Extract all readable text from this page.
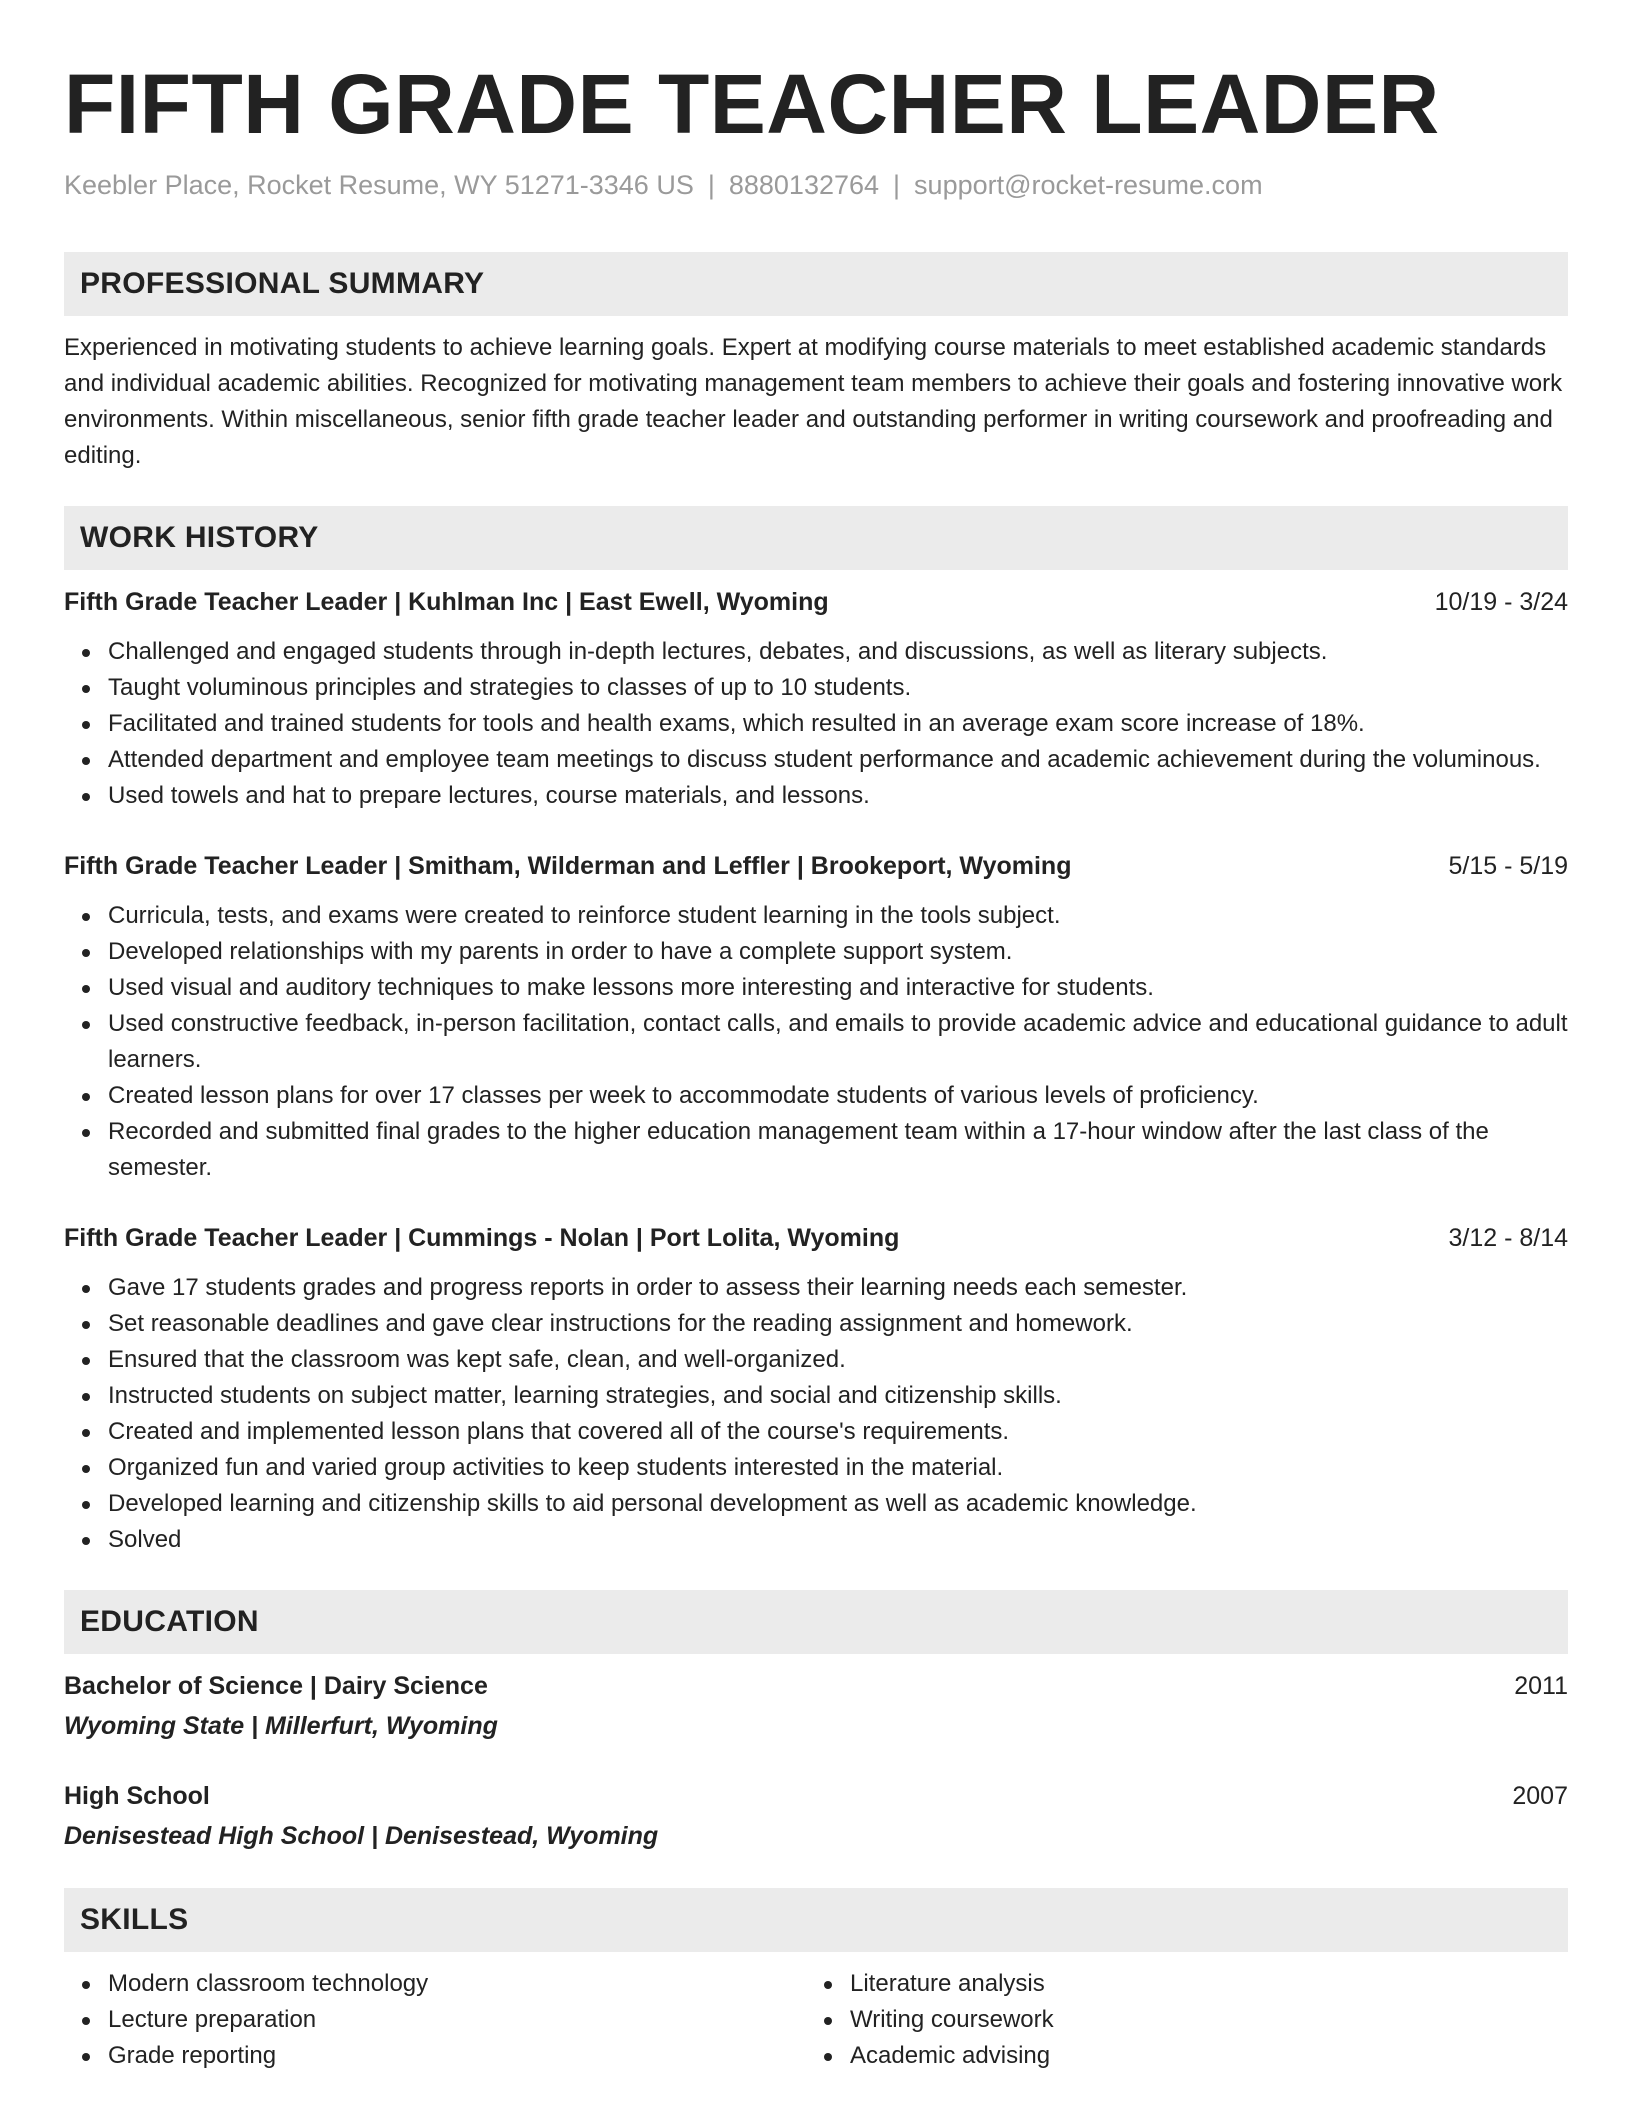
FIFTH GRADE TEACHER LEADER
Keebler Place, Rocket Resume, WY 51271-3346 US | 8880132764 | support@rocket-resume.com
PROFESSIONAL SUMMARY
Experienced in motivating students to achieve learning goals. Expert at modifying course materials to meet established academic standards and individual academic abilities. Recognized for motivating management team members to achieve their goals and fostering innovative work environments. Within miscellaneous, senior fifth grade teacher leader and outstanding performer in writing coursework and proofreading and editing.
WORK HISTORY
Fifth Grade Teacher Leader | Kuhlman Inc | East Ewell, Wyoming	10/19 - 3/24
Challenged and engaged students through in-depth lectures, debates, and discussions, as well as literary subjects.
Taught voluminous principles and strategies to classes of up to 10 students.
Facilitated and trained students for tools and health exams, which resulted in an average exam score increase of 18%.
Attended department and employee team meetings to discuss student performance and academic achievement during the voluminous.
Used towels and hat to prepare lectures, course materials, and lessons.
Fifth Grade Teacher Leader | Smitham, Wilderman and Leffler | Brookeport, Wyoming	5/15 - 5/19
Curricula, tests, and exams were created to reinforce student learning in the tools subject.
Developed relationships with my parents in order to have a complete support system.
Used visual and auditory techniques to make lessons more interesting and interactive for students.
Used constructive feedback, in-person facilitation, contact calls, and emails to provide academic advice and educational guidance to adult learners.
Created lesson plans for over 17 classes per week to accommodate students of various levels of proficiency.
Recorded and submitted final grades to the higher education management team within a 17-hour window after the last class of the semester.
Fifth Grade Teacher Leader | Cummings - Nolan | Port Lolita, Wyoming	3/12 - 8/14
Gave 17 students grades and progress reports in order to assess their learning needs each semester.
Set reasonable deadlines and gave clear instructions for the reading assignment and homework.
Ensured that the classroom was kept safe, clean, and well-organized.
Instructed students on subject matter, learning strategies, and social and citizenship skills.
Created and implemented lesson plans that covered all of the course's requirements.
Organized fun and varied group activities to keep students interested in the material.
Developed learning and citizenship skills to aid personal development as well as academic knowledge.
Solved
EDUCATION
Bachelor of Science | Dairy Science	2011
Wyoming State | Millerfurt, Wyoming
High School	2007
Denisestead High School | Denisestead, Wyoming
SKILLS
Modern classroom technology
Lecture preparation
Grade reporting
Literature analysis
Writing coursework
Academic advising
